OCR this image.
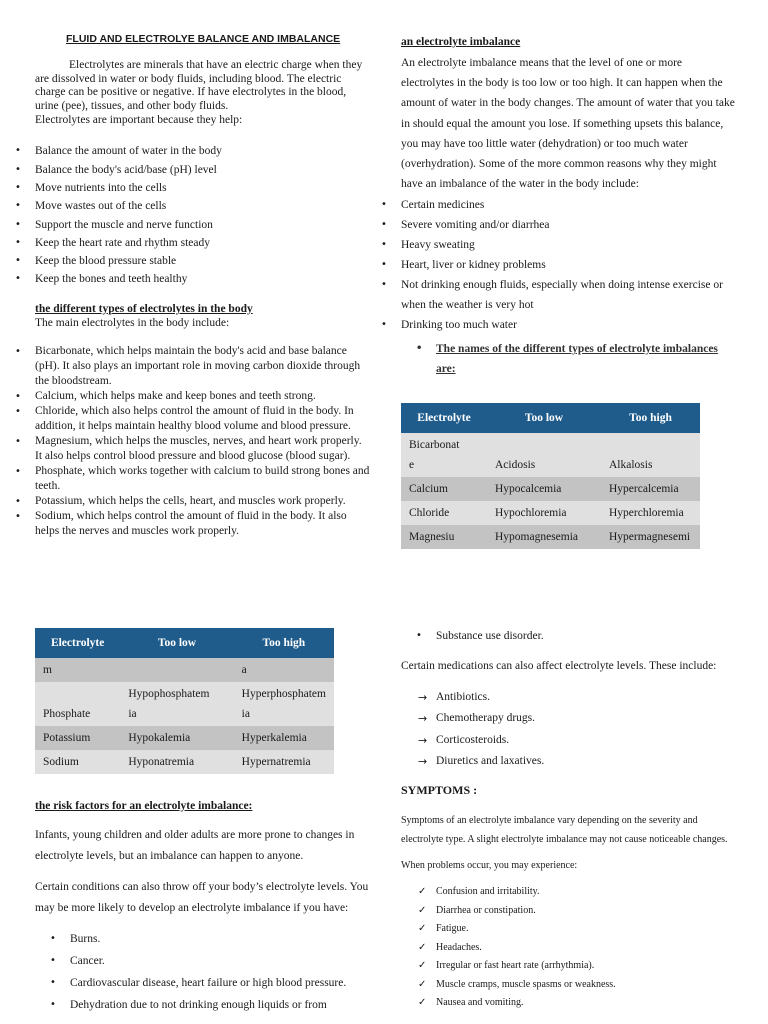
FLUID AND ELECTROLYE BALANCE AND IMBALANCE

Electrolytes are minerals that have an electric charge when they are dissolved in water or body fluids, including blood. The electric charge can be positive or negative. If have electrolytes in the blood, urine (pee), tissues, and other body fluids.

Electrolytes are important because they help:

• Balance the amount of water in the body
• Balance the body's acid/base (pH) level
• Move nutrients into the cells
• Move wastes out of the cells
• Support the muscle and nerve function
• Keep the heart rate and rhythm steady
• Keep the blood pressure stable
• Keep the bones and teeth healthy

the different types of electrolytes in the body

The main electrolytes in the body include:

• Bicarbonate, which helps maintain the body's acid and base balance (pH). It also plays an important role in moving carbon dioxide through the bloodstream.
• Calcium, which helps make and keep bones and teeth strong.
• Chloride, which also helps control the amount of fluid in the body. In addition, it helps maintain healthy blood volume and blood pressure.
• Magnesium, which helps the muscles, nerves, and heart work properly. It also helps control blood pressure and blood glucose (blood sugar).
• Phosphate, which works together with calcium to build strong bones and teeth.
• Potassium, which helps the cells, heart, and muscles work properly.
• Sodium, which helps control the amount of fluid in the body. It also helps the nerves and muscles work properly.

an electrolyte imbalance

An electrolyte imbalance means that the level of one or more electrolytes in the body is too low or too high. It can happen when the amount of water in the body changes. The amount of water that you take in should equal the amount you lose. If something upsets this balance, you may have too little water (dehydration) or too much water (overhydration). Some of the more common reasons why they might have an imbalance of the water in the body include:

• Certain medicines
• Severe vomiting and/or diarrhea
• Heavy sweating
• Heart, liver or kidney problems
• Not drinking enough fluids, especially when doing intense exercise or when the weather is very hot
• Drinking too much water
• The names of the different types of electrolyte imbalances are:
Electrolyte	Too low	Too high
Bicarbonat
e	Acidosis	Alkalosis
Calcium	Hypocalcemia	Hypercalcemia
Chloride	Hypochloremia	Hyperchloremia
Magnesiu	Hypomagnesemia	Hypermagnesemi
Electrolyte	Too low	Too high
m		a
Phosphate	Hypophosphatem
ia	Hyperphosphatem
ia
Potassium	Hypokalemia	Hyperkalemia
Sodium	Hyponatremia	Hypernatremia

the risk factors for an electrolyte imbalance:

Infants, young children and older adults are more prone to changes in electrolyte levels, but an imbalance can happen to anyone.

Certain conditions can also throw off your body’s electrolyte levels. You may be more likely to develop an electrolyte imbalance if you have:

• Burns.
• Cancer.
• Cardiovascular disease, heart failure or high blood pressure.
• Dehydration due to not drinking enough liquids or from
• Substance use disorder.

Certain medications can also affect electrolyte levels. These include:

→ Antibiotics.
→ Chemotherapy drugs.
→ Corticosteroids.
→ Diuretics and laxatives.

SYMPTOMS :

Symptoms of an electrolyte imbalance vary depending on the severity and electrolyte type. A slight electrolyte imbalance may not cause noticeable changes.

When problems occur, you may experience:

✓ Confusion and irritability.
✓ Diarrhea or constipation.
✓ Fatigue.
✓ Headaches.
✓ Irregular or fast heart rate (arrhythmia).
✓ Muscle cramps, muscle spasms or weakness.
✓ Nausea and vomiting.
